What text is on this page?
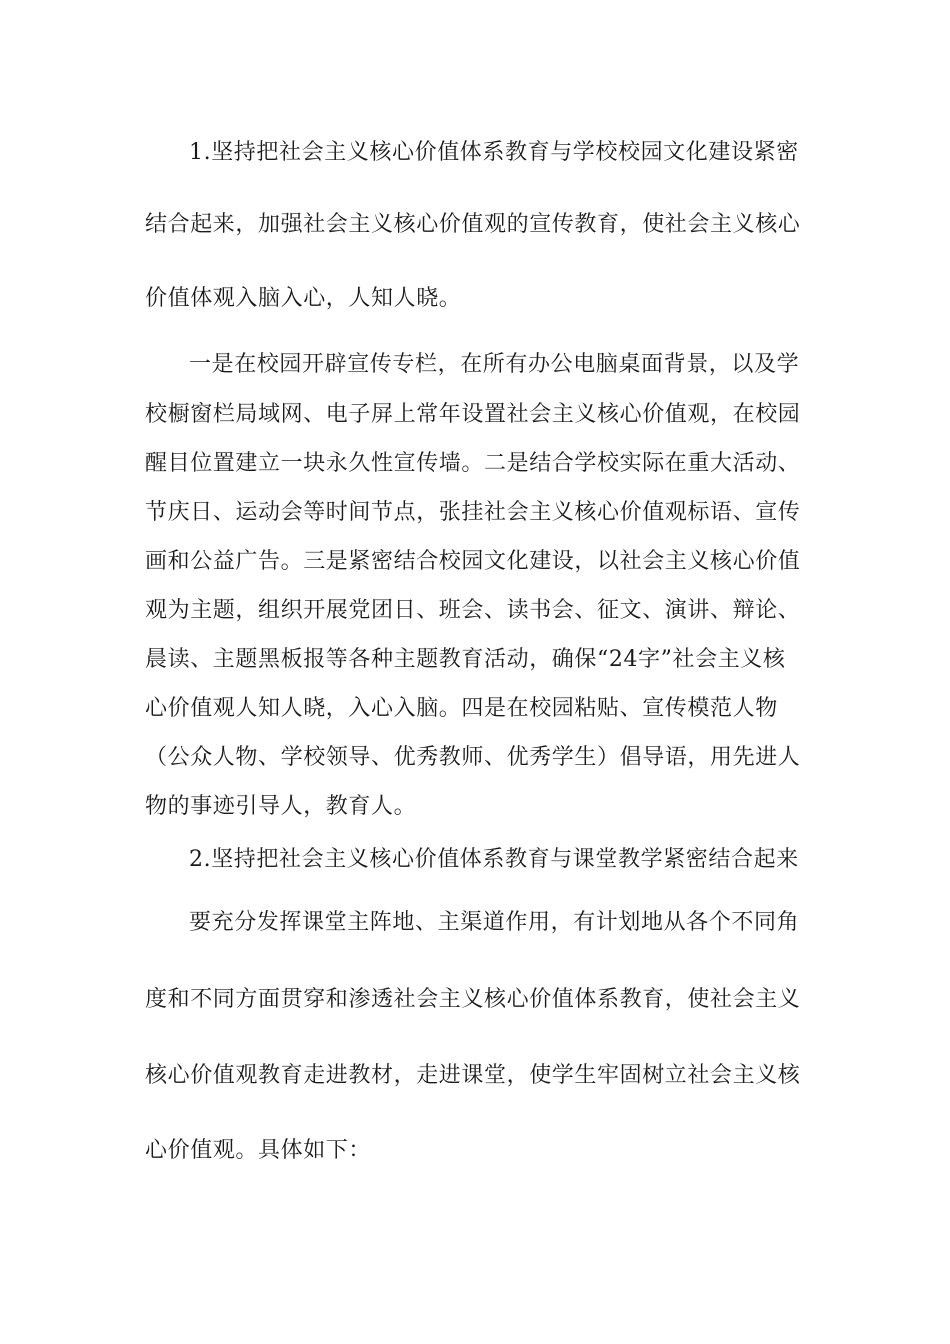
1.坚持把社会主义核心价值体系教育与学校校园文化建设紧密
结合起来，加强社会主义核心价值观的宣传教育，使社会主义核心
价值体观入脑入心，人知人晓。
一是在校园开辟宣传专栏，在所有办公电脑桌面背景，以及学
校橱窗栏局域网、电子屏上常年设置社会主义核心价值观，在校园
醒目位置建立一块永久性宣传墙。二是结合学校实际在重大活动、
节庆日、运动会等时间节点，张挂社会主义核心价值观标语、宣传
画和公益广告。三是紧密结合校园文化建设，以社会主义核心价值
观为主题，组织开展党团日、班会、读书会、征文、演讲、辩论、
晨读、主题黑板报等各种主题教育活动，确保“24字”社会主义核
心价值观人知人晓，入心入脑。四是在校园粘贴、宣传模范人物
（公众人物、学校领导、优秀教师、优秀学生）倡导语，用先进人
物的事迹引导人，教育人。
2.坚持把社会主义核心价值体系教育与课堂教学紧密结合起来
要充分发挥课堂主阵地、主渠道作用，有计划地从各个不同角
度和不同方面贯穿和渗透社会主义核心价值体系教育，使社会主义
核心价值观教育走进教材，走进课堂，使学生牢固树立社会主义核
心价值观。具体如下：
